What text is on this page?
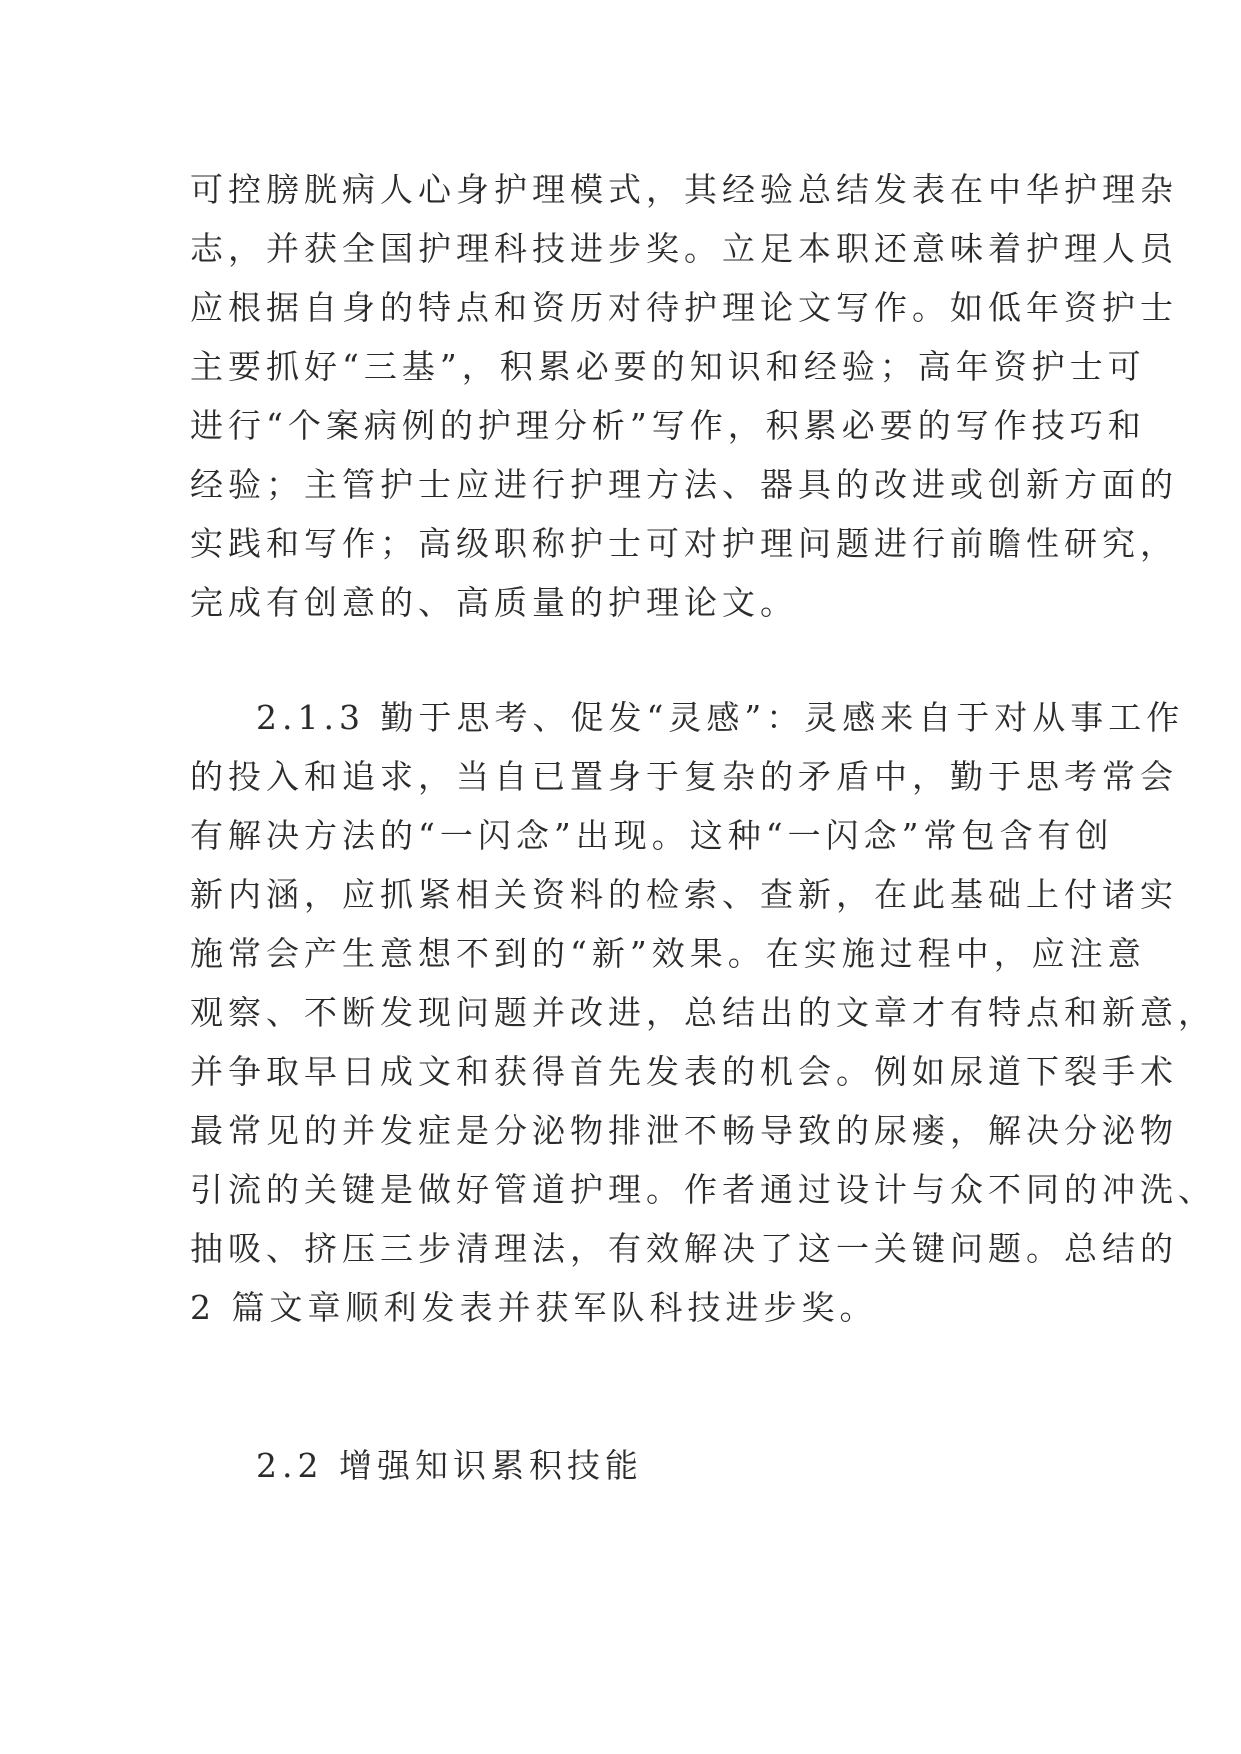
可控膀胱病人心身护理模式，其经验总结发表在中华护理杂
志，并获全国护理科技进步奖。立足本职还意味着护理人员
应根据自身的特点和资历对待护理论文写作。如低年资护士
主要抓好“三基”，积累必要的知识和经验；高年资护士可
进行“个案病例的护理分析”写作，积累必要的写作技巧和
经验；主管护士应进行护理方法、器具的改进或创新方面的
实践和写作；高级职称护士可对护理问题进行前瞻性研究，
完成有创意的、高质量的护理论文。
2.1.3 勤于思考、促发“灵感”：灵感来自于对从事工作
的投入和追求，当自已置身于复杂的矛盾中，勤于思考常会
有解决方法的“一闪念”出现。这种“一闪念”常包含有创
新内涵，应抓紧相关资料的检索、查新，在此基础上付诸实
施常会产生意想不到的“新”效果。在实施过程中，应注意
观察、不断发现问题并改进，总结出的文章才有特点和新意，
并争取早日成文和获得首先发表的机会。例如尿道下裂手术
最常见的并发症是分泌物排泄不畅导致的尿瘘，解决分泌物
引流的关键是做好管道护理。作者通过设计与众不同的冲洗、
抽吸、挤压三步清理法，有效解决了这一关键问题。总结的
2 篇文章顺利发表并获军队科技进步奖。
2.2 增强知识累积技能
